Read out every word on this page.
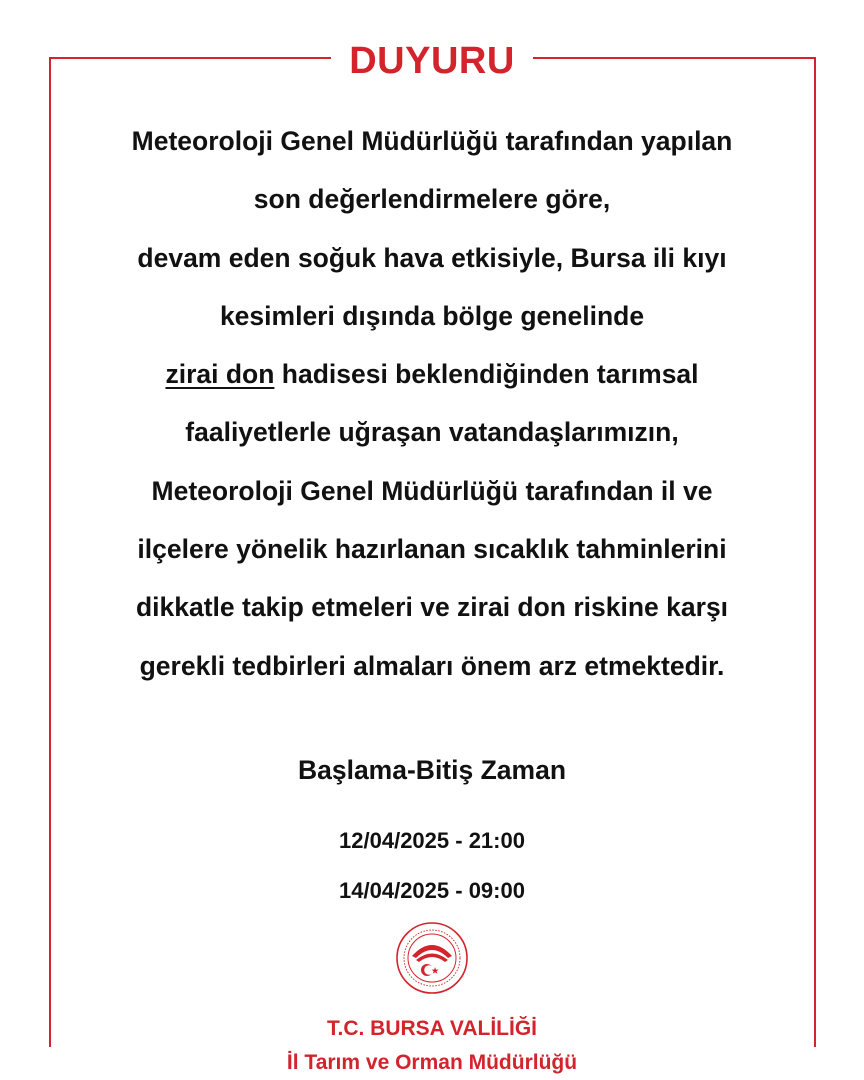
DUYURU
Meteoroloji Genel Müdürlüğü tarafından yapılan
son değerlendirmelere göre,
devam eden soğuk hava etkisiyle, Bursa ili kıyı
kesimleri dışında bölge genelinde
zirai don hadisesi beklendiğinden tarımsal
faaliyetlerle uğraşan vatandaşlarımızın,
Meteoroloji Genel Müdürlüğü tarafından il ve
ilçelere yönelik hazırlanan sıcaklık tahminlerini
dikkatle takip etmeleri ve zirai don riskine karşı
gerekli tedbirleri almaları önem arz etmektedir.
Başlama-Bitiş Zaman
12/04/2025 - 21:00
14/04/2025 - 09:00
T.C. BURSA VALİLİĞİ
İl Tarım ve Orman Müdürlüğü
